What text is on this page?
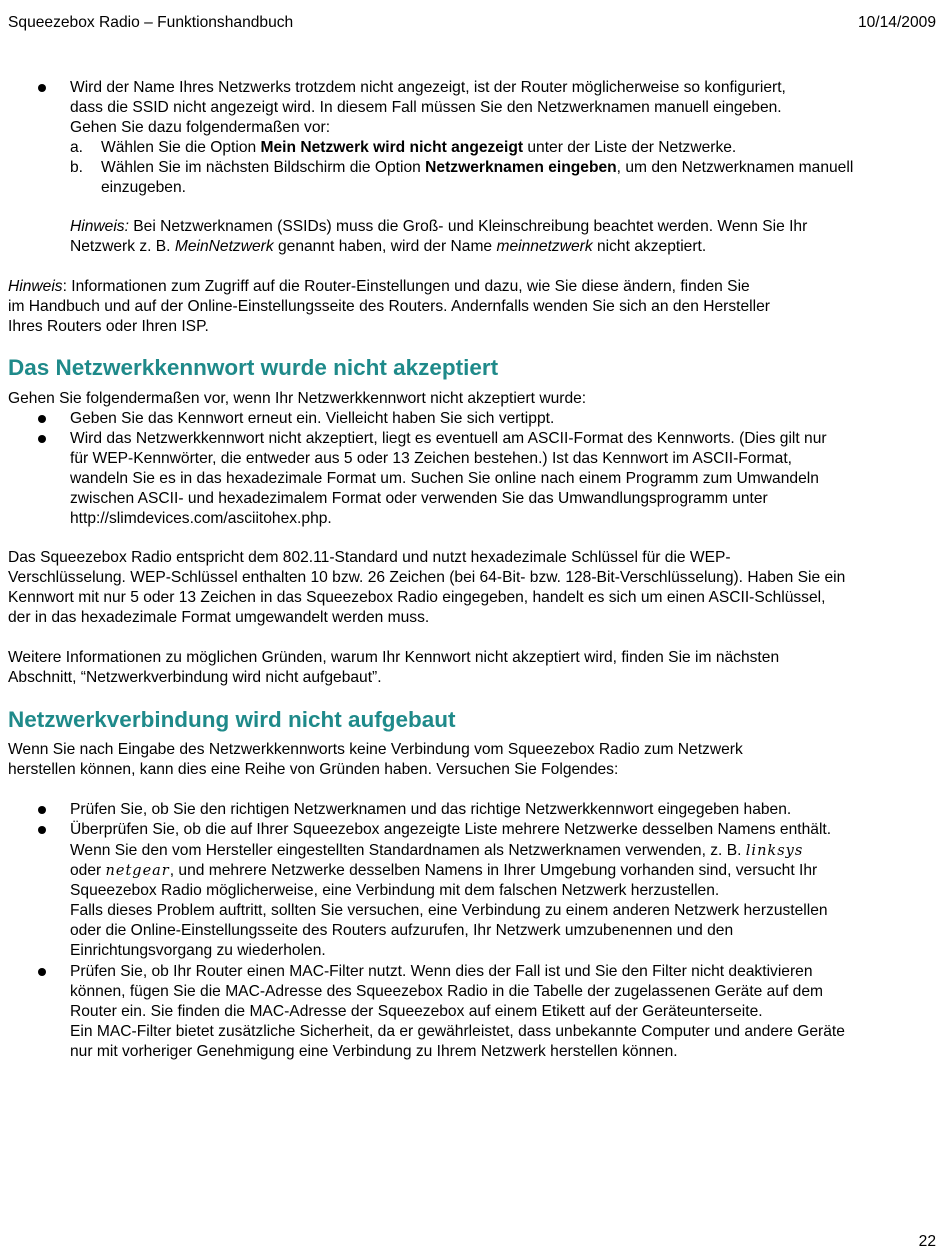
Squeezebox Radio – Funktionshandbuch	10/14/2009
Wird der Name Ihres Netzwerks trotzdem nicht angezeigt, ist der Router möglicherweise so konfiguriert,
dass die SSID nicht angezeigt wird. In diesem Fall müssen Sie den Netzwerknamen manuell eingeben.
Gehen Sie dazu folgendermaßen vor:
a. Wählen Sie die Option Mein Netzwerk wird nicht angezeigt unter der Liste der Netzwerke.
b. Wählen Sie im nächsten Bildschirm die Option Netzwerknamen eingeben, um den Netzwerknamen manuell
einzugeben.
Hinweis: Bei Netzwerknamen (SSIDs) muss die Groß- und Kleinschreibung beachtet werden. Wenn Sie Ihr
Netzwerk z. B. MeinNetzwerk genannt haben, wird der Name meinnetzwerk nicht akzeptiert.
Hinweis: Informationen zum Zugriff auf die Router-Einstellungen und dazu, wie Sie diese ändern, finden Sie
im Handbuch und auf der Online-Einstellungsseite des Routers. Andernfalls wenden Sie sich an den Hersteller
Ihres Routers oder Ihren ISP.
Das Netzwerkkennwort wurde nicht akzeptiert
Gehen Sie folgendermaßen vor, wenn Ihr Netzwerkkennwort nicht akzeptiert wurde:
Geben Sie das Kennwort erneut ein. Vielleicht haben Sie sich vertippt.
Wird das Netzwerkkennwort nicht akzeptiert, liegt es eventuell am ASCII-Format des Kennworts. (Dies gilt nur
für WEP-Kennwörter, die entweder aus 5 oder 13 Zeichen bestehen.) Ist das Kennwort im ASCII-Format,
wandeln Sie es in das hexadezimale Format um. Suchen Sie online nach einem Programm zum Umwandeln
zwischen ASCII- und hexadezimalem Format oder verwenden Sie das Umwandlungsprogramm unter
http://slimdevices.com/asciitohex.php.
Das Squeezebox Radio entspricht dem 802.11-Standard und nutzt hexadezimale Schlüssel für die WEP-
Verschlüsselung. WEP-Schlüssel enthalten 10 bzw. 26 Zeichen (bei 64-Bit- bzw. 128-Bit-Verschlüsselung). Haben Sie ein
Kennwort mit nur 5 oder 13 Zeichen in das Squeezebox Radio eingegeben, handelt es sich um einen ASCII-Schlüssel,
der in das hexadezimale Format umgewandelt werden muss.
Weitere Informationen zu möglichen Gründen, warum Ihr Kennwort nicht akzeptiert wird, finden Sie im nächsten
Abschnitt, “Netzwerkverbindung wird nicht aufgebaut”.
Netzwerkverbindung wird nicht aufgebaut
Wenn Sie nach Eingabe des Netzwerkkennworts keine Verbindung vom Squeezebox Radio zum Netzwerk
herstellen können, kann dies eine Reihe von Gründen haben. Versuchen Sie Folgendes:
Prüfen Sie, ob Sie den richtigen Netzwerknamen und das richtige Netzwerkkennwort eingegeben haben.
Überprüfen Sie, ob die auf Ihrer Squeezebox angezeigte Liste mehrere Netzwerke desselben Namens enthält.
Wenn Sie den vom Hersteller eingestellten Standardnamen als Netzwerknamen verwenden, z. B. linksys
oder netgear, und mehrere Netzwerke desselben Namens in Ihrer Umgebung vorhanden sind, versucht Ihr
Squeezebox Radio möglicherweise, eine Verbindung mit dem falschen Netzwerk herzustellen.
Falls dieses Problem auftritt, sollten Sie versuchen, eine Verbindung zu einem anderen Netzwerk herzustellen
oder die Online-Einstellungsseite des Routers aufzurufen, Ihr Netzwerk umzubenennen und den
Einrichtungsvorgang zu wiederholen.
Prüfen Sie, ob Ihr Router einen MAC-Filter nutzt. Wenn dies der Fall ist und Sie den Filter nicht deaktivieren
können, fügen Sie die MAC-Adresse des Squeezebox Radio in die Tabelle der zugelassenen Geräte auf dem
Router ein. Sie finden die MAC-Adresse der Squeezebox auf einem Etikett auf der Geräteunterseite.
Ein MAC-Filter bietet zusätzliche Sicherheit, da er gewährleistet, dass unbekannte Computer und andere Geräte
nur mit vorheriger Genehmigung eine Verbindung zu Ihrem Netzwerk herstellen können.
22
